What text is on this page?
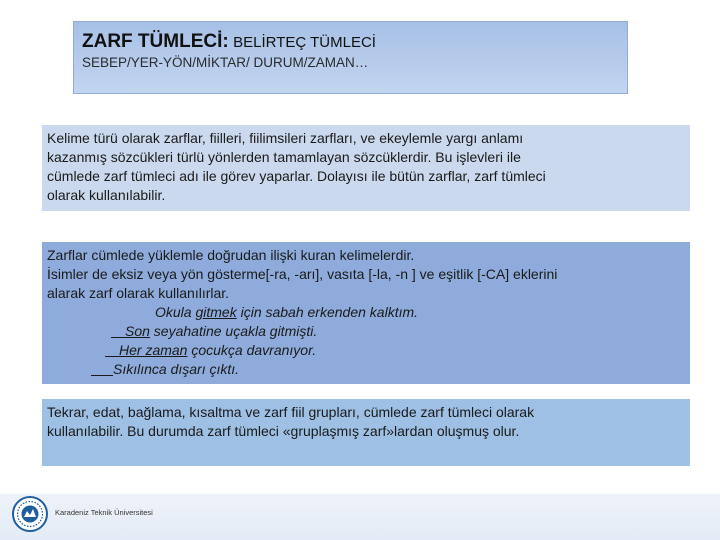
ZARF TÜMLECİ: BELİRTEÇ TÜMLECİ
SEBEP/YER-YÖN/MİKTAR/ DURUM/ZAMAN…
Kelime türü olarak zarflar, fiilleri, fiilimsileri zarfları, ve ekeylemle yargı anlamı
kazanmış sözcükleri türlü yönlerden tamamlayan sözcüklerdir. Bu işlevleri ile
cümlede zarf tümleci adı ile görev yaparlar. Dolayısı ile bütün zarflar, zarf tümleci
olarak kullanılabilir.
Zarflar cümlede yüklemle doğrudan ilişki kuran kelimelerdir.
İsimler de eksiz veya yön gösterme[-ra, -arı], vasıta [-la, -n ] ve eşitlik [-CA] eklerini
alarak zarf olarak kullanılırlar.
Okula gitmek için sabah erkenden kalktım.
Son seyahatine uçakla gitmişti.
Her zaman çocukça davranıyor.
Sıkılınca dışarı çıktı.
Tekrar, edat, bağlama, kısaltma ve zarf fiil grupları, cümlede zarf tümleci olarak
kullanılabilir. Bu durumda zarf tümleci «gruplaşmış zarf»lardan oluşmuş olur.
Karadeniz Teknik Üniversitesi
